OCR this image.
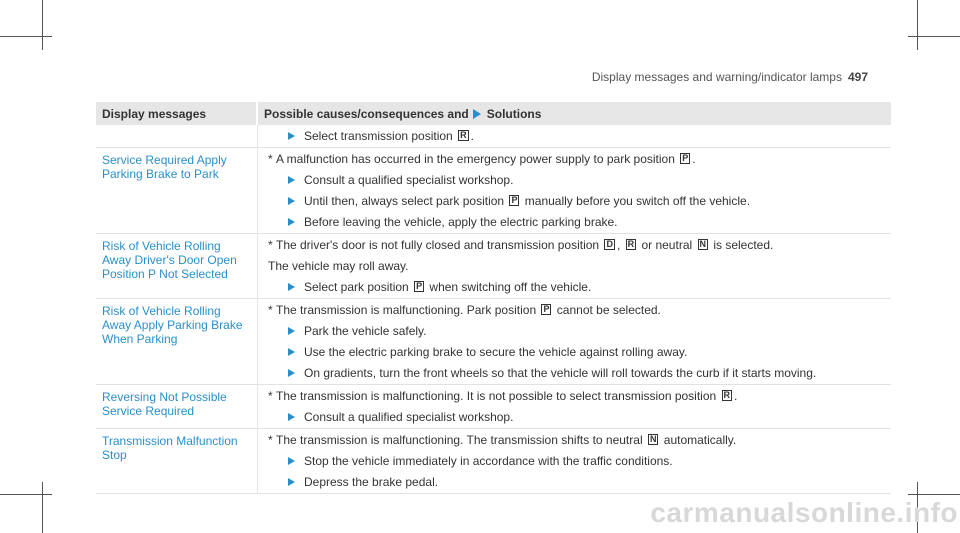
Display messages and warning/indicator lamps 497
Display messages	Possible causes/consequences and Solutions
Select transmission position R .
Service Required Apply Parking Brake to Park
* A malfunction has occurred in the emergency power supply to park position P .
Consult a qualified specialist workshop.
Until then, always select park position P manually before you switch off the vehicle.
Before leaving the vehicle, apply the electric parking brake.
Risk of Vehicle Rolling Away Driver's Door Open Position P Not Selected
* The driver's door is not fully closed and transmission position D , R or neutral N is selected.
The vehicle may roll away.
Select park position P when switching off the vehicle.
Risk of Vehicle Rolling Away Apply Parking Brake When Parking
* The transmission is malfunctioning. Park position P cannot be selected.
Park the vehicle safely.
Use the electric parking brake to secure the vehicle against rolling away.
On gradients, turn the front wheels so that the vehicle will roll towards the curb if it starts moving.
Reversing Not Possible Service Required
* The transmission is malfunctioning. It is not possible to select transmission position R .
Consult a qualified specialist workshop.
Transmission Malfunction Stop
* The transmission is malfunctioning. The transmission shifts to neutral N automatically.
Stop the vehicle immediately in accordance with the traffic conditions.
Depress the brake pedal.
carmanualsonline.info
